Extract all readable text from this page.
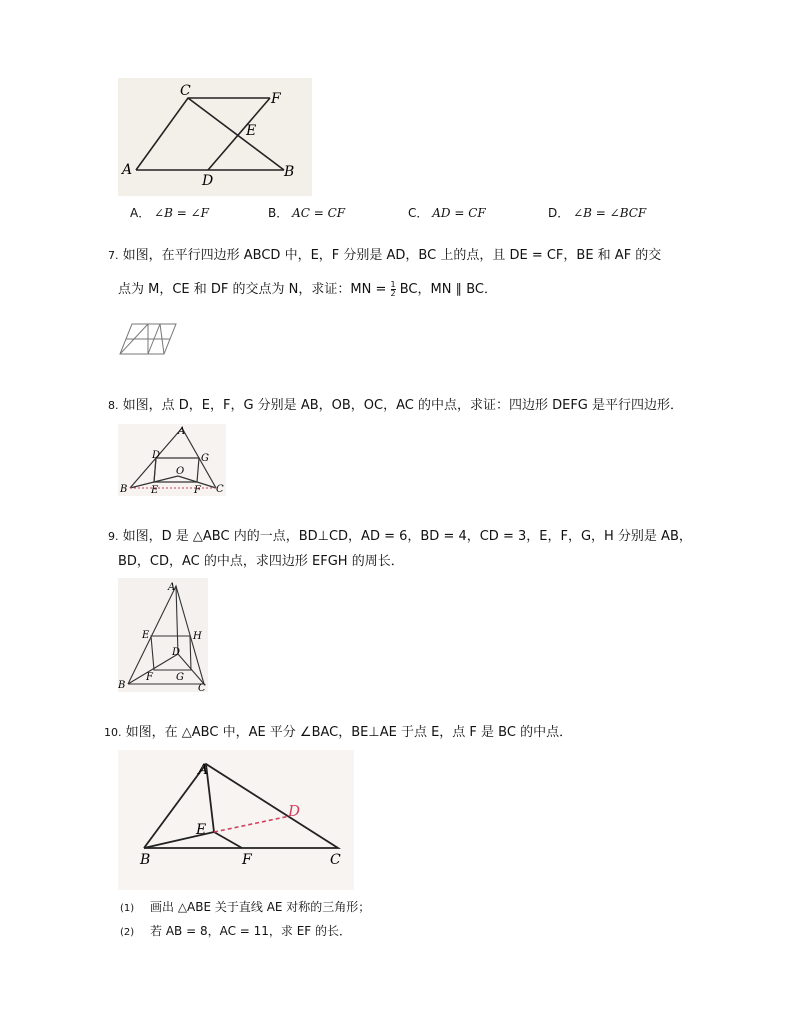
C	F
E
A
D
B
A． ∠B = ∠F	B． AC = CF	C． AD = CF	D． ∠B = ∠BCF
7. 如图，在平行四边形 ABCD 中，E，F 分别是 AD，BC 上的点，且 DE = CF，BE 和 AF 的交
点为 M，CE 和 DF 的交点为 N，求证：MN = $\frac{1}{2}$ BC，MN ∥ BC．
8. 如图，点 D，E，F，G 分别是 AB，OB，OC，AC 的中点，求证：四边形 DEFG 是平行四边形．
A
D	G
O
B E	F C
9. 如图，D 是 △ABC 内的一点，BD⊥CD，AD = 6，BD = 4，CD = 3，E，F，G，H 分别是 AB，
BD，CD，AC 的中点，求四边形 EFGH 的周长．
A
E	H
D
F G
B	C
10. 如图，在 △ABC 中，AE 平分 ∠BAC，BE⊥AE 于点 E，点 F 是 BC 的中点．
A
D
E
B	F	C
(1) 画出 △ABE 关于直线 AE 对称的三角形；
(2) 若 AB = 8，AC = 11，求 EF 的长．
